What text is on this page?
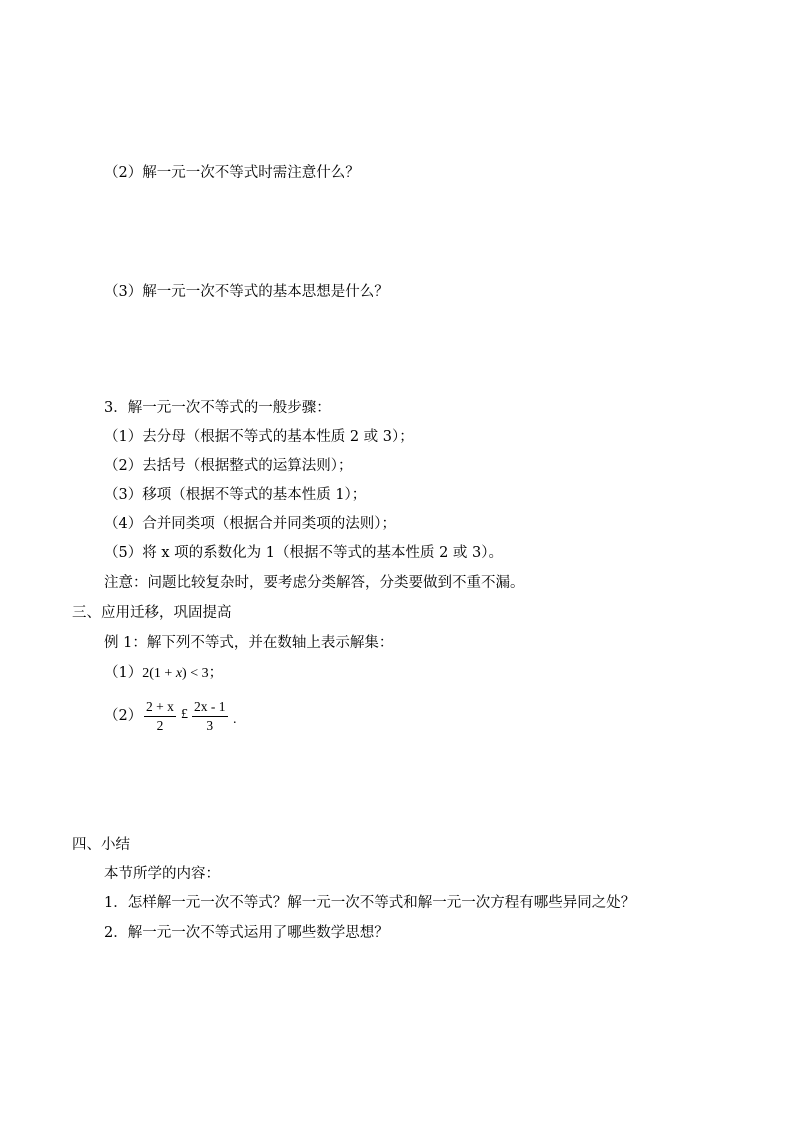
（2）解一元一次不等式时需注意什么？
（3）解一元一次不等式的基本思想是什么？
3．解一元一次不等式的一般步骤：
（1）去分母（根据不等式的基本性质 2 或 3）；
（2）去括号（根据整式的运算法则）；
（3）移项（根据不等式的基本性质 1）；
（4）合并同类项（根据合并同类项的法则）；
（5）将 x 项的系数化为 1（根据不等式的基本性质 2 或 3）。
注意：问题比较复杂时，要考虑分类解答，分类要做到不重不漏。
三、应用迁移，巩固提高
例 1：解下列不等式，并在数轴上表示解集：
（1）2(1 + x) < 3；
（2）
2 + x
2
£
2x - 1
3	.
四、小结
本节所学的内容：
1．怎样解一元一次不等式？解一元一次不等式和解一元一次方程有哪些异同之处？
2．解一元一次不等式运用了哪些数学思想？
